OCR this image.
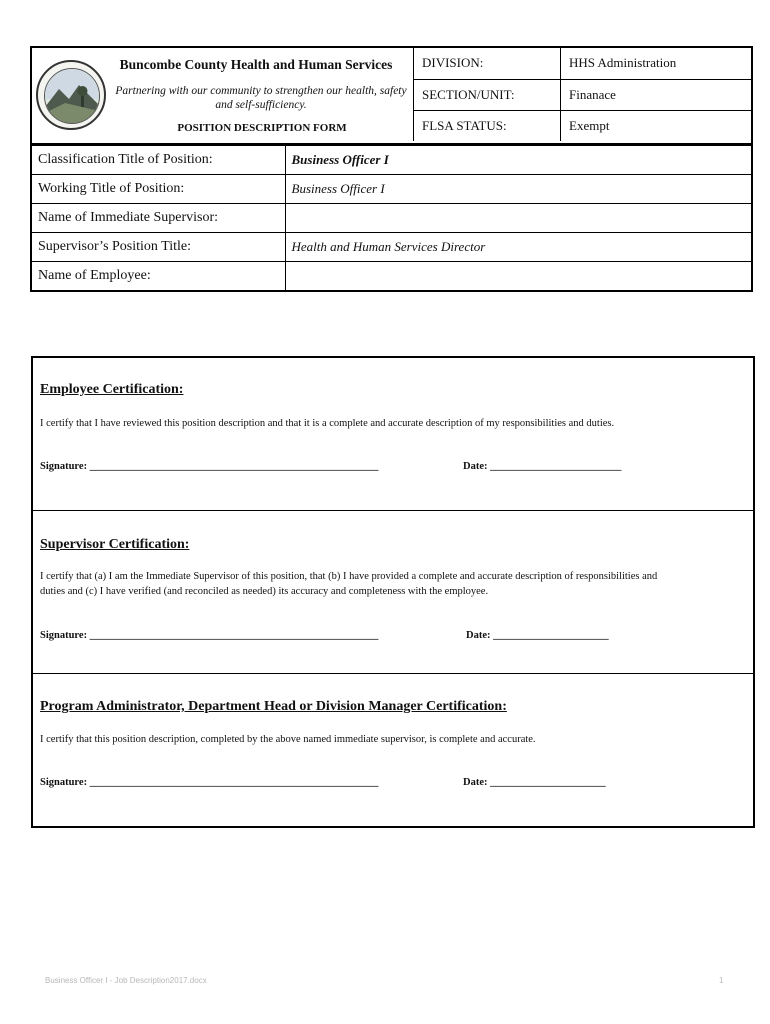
Buncombe County Health and Human Services
Partnering with our community to strengthen our health, safety and self-sufficiency.
POSITION DESCRIPTION FORM
DIVISION:	HHS Administration
SECTION/UNIT:	Finanace
FLSA STATUS:	Exempt
Classification Title of Position:	Business Officer I
Working Title of Position:	Business Officer I
Name of Immediate Supervisor:	
Supervisor’s Position Title:	Health and Human Services Director
Name of Employee:	
Employee Certification:
I certify that I have reviewed this position description and that it is a complete and accurate description of my responsibilities and duties.
Signature: _______________________________________________________	Date: _________________________
Supervisor Certification:
I certify that (a) I am the Immediate Supervisor of this position, that (b) I have provided a complete and accurate description of responsibilities and
duties and (c) I have verified (and reconciled as needed) its accuracy and completeness with the employee.
Signature: _______________________________________________________	Date: ______________________
Program Administrator, Department Head or Division Manager Certification:
I certify that this position description, completed by the above named immediate supervisor, is complete and accurate.
Signature: _______________________________________________________	Date: ______________________
Business Officer I - Job Description2017.docx	1
